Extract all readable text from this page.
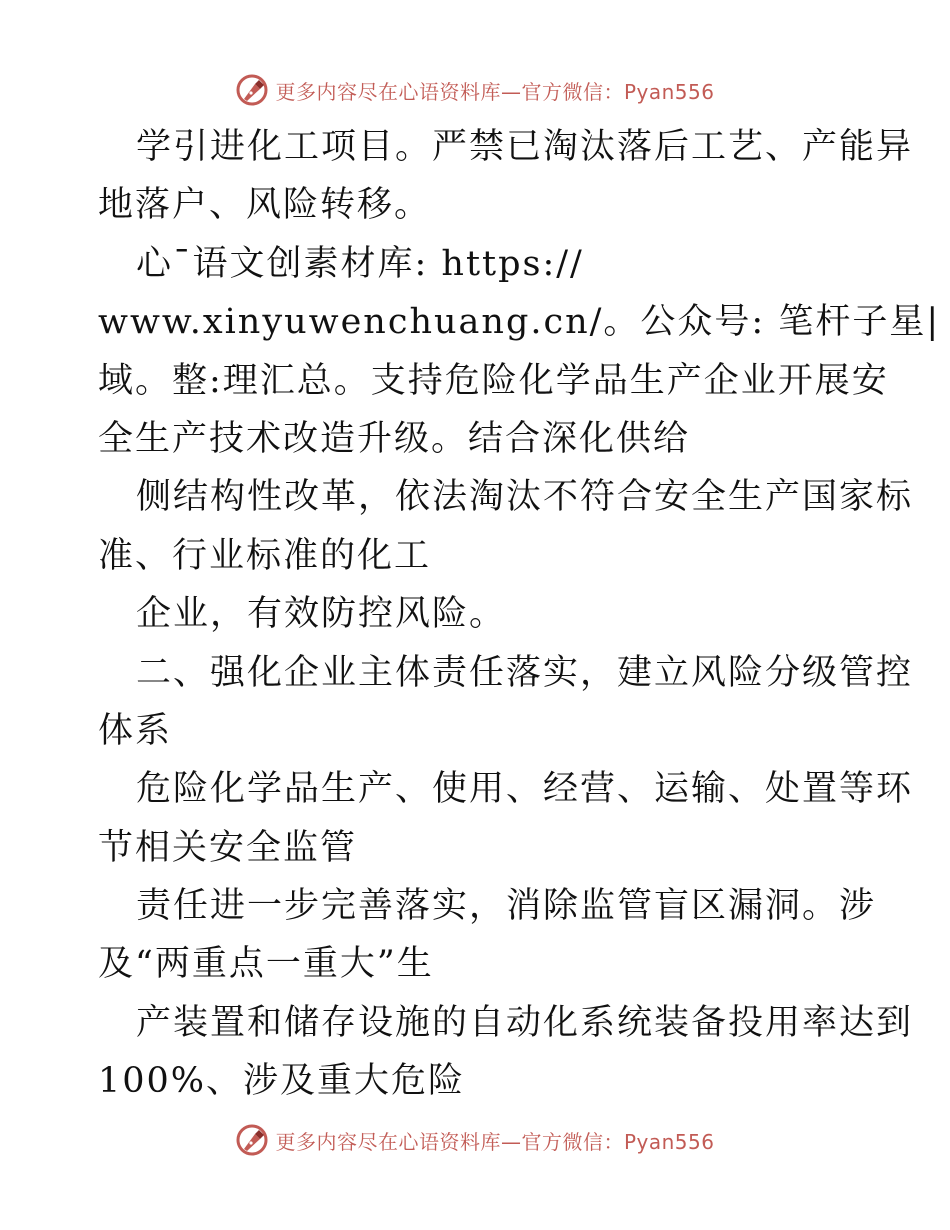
更多内容尽在心语资料库—官方微信：Pyan556
学引进化工项目。严禁已淘汰落后工艺、产能异
地落户、风险转移。
心¯语文创素材库: https://
www.xinyuwenchuang.cn/。公众号: 笔杆子星|
域。整:理汇总。支持危险化学品生产企业开展安
全生产技术改造升级。结合深化供给
侧结构性改革，依法淘汰不符合安全生产国家标
准、行业标准的化工
企业，有效防控风险。
二、强化企业主体责任落实，建立风险分级管控
体系
危险化学品生产、使用、经营、运输、处置等环
节相关安全监管
责任进一步完善落实，消除监管盲区漏洞。涉
及“两重点一重大”生
产装置和储存设施的自动化系统装备投用率达到
100%、涉及重大危险
更多内容尽在心语资料库—官方微信：Pyan556
